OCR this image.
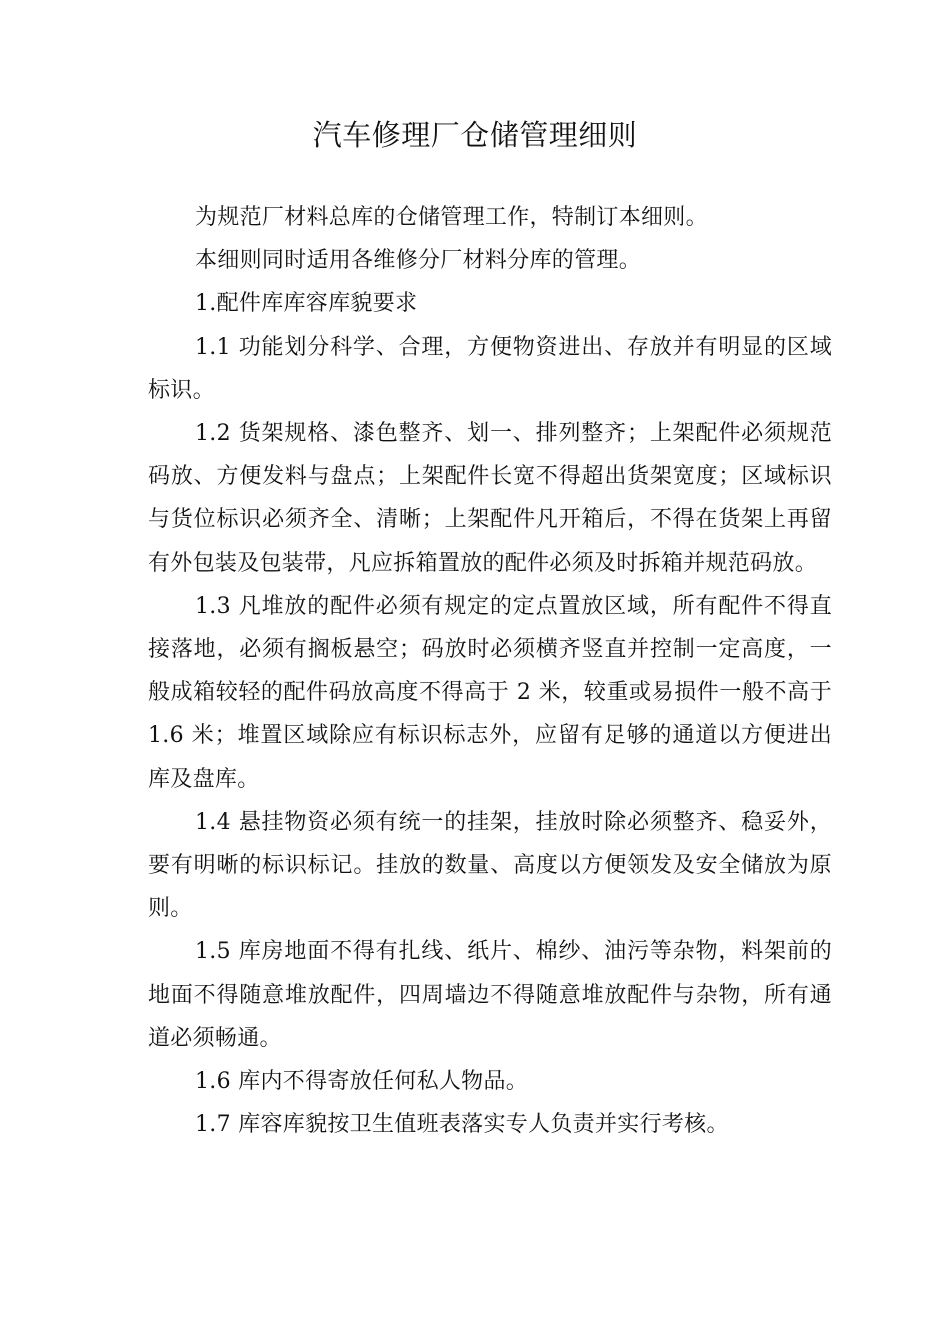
汽车修理厂仓储管理细则

为规范厂材料总库的仓储管理工作，特制订本细则。

本细则同时适用各维修分厂材料分库的管理。

1.配件库库容库貌要求

1.1 功能划分科学、合理，方便物资进出、存放并有明显的区域标识。

1.2 货架规格、漆色整齐、划一、排列整齐；上架配件必须规范码放、方便发料与盘点；上架配件长宽不得超出货架宽度；区域标识与货位标识必须齐全、清晰；上架配件凡开箱后，不得在货架上再留有外包装及包装带，凡应拆箱置放的配件必须及时拆箱并规范码放。

1.3 凡堆放的配件必须有规定的定点置放区域，所有配件不得直接落地，必须有搁板悬空；码放时必须横齐竖直并控制一定高度，一般成箱较轻的配件码放高度不得高于 2 米，较重或易损件一般不高于 1.6 米；堆置区域除应有标识标志外，应留有足够的通道以方便进出库及盘库。

1.4 悬挂物资必须有统一的挂架，挂放时除必须整齐、稳妥外，要有明晰的标识标记。挂放的数量、高度以方便领发及安全储放为原则。

1.5 库房地面不得有扎线、纸片、棉纱、油污等杂物，料架前的地面不得随意堆放配件，四周墙边不得随意堆放配件与杂物，所有通道必须畅通。

1.6 库内不得寄放任何私人物品。

1.7 库容库貌按卫生值班表落实专人负责并实行考核。
